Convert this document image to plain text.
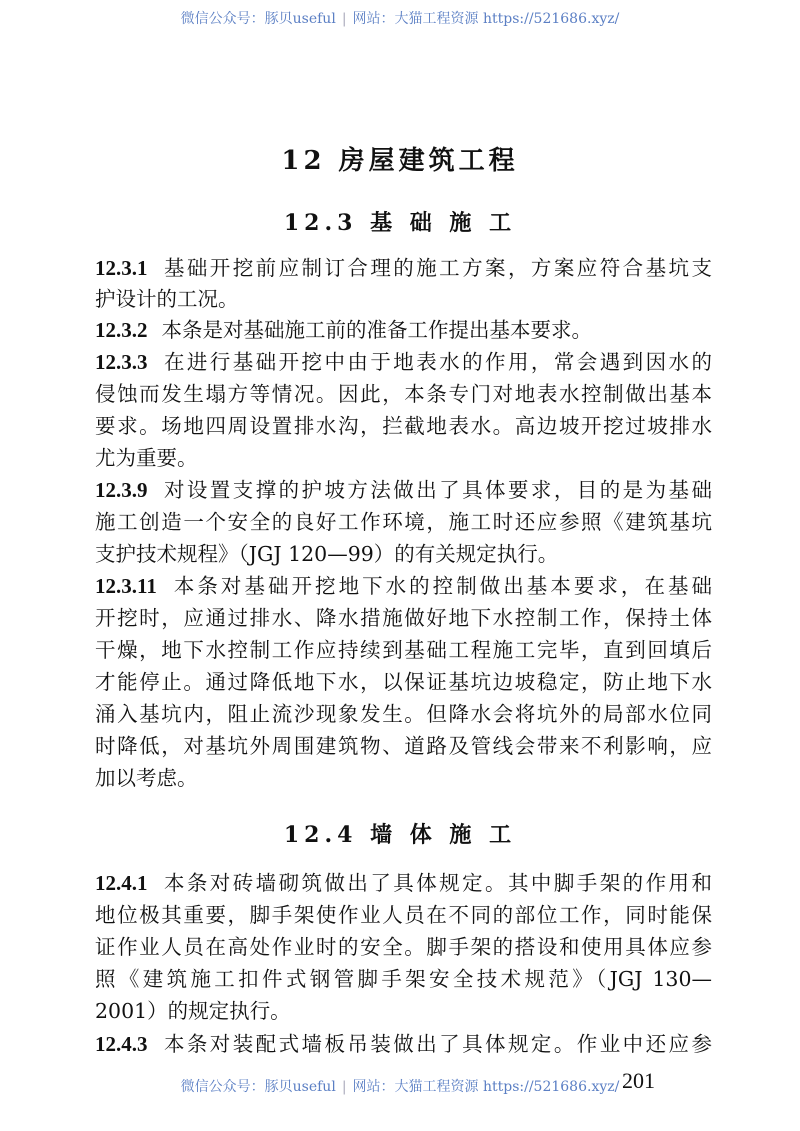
微信公众号：豚贝useful | 网站：大猫工程资源 https://521686.xyz/
12 房屋建筑工程
12.3 基 础 施 工
12.4 墙 体 施 工
12.3.1 基础开挖前应制订合理的施工方案，方案应符合基坑支
护设计的工况。
12.3.2 本条是对基础施工前的准备工作提出基本要求。
12.3.3 在进行基础开挖中由于地表水的作用，常会遇到因水的
侵蚀而发生塌方等情况。因此，本条专门对地表水控制做出基本
要求。场地四周设置排水沟，拦截地表水。高边坡开挖过坡排水
尤为重要。
12.3.9 对设置支撑的护坡方法做出了具体要求，目的是为基础
施工创造一个安全的良好工作环境，施工时还应参照《建筑基坑
支护技术规程》（JGJ 120—99）的有关规定执行。
12.3.11 本条对基础开挖地下水的控制做出基本要求，在基础
开挖时，应通过排水、降水措施做好地下水控制工作，保持土体
干燥，地下水控制工作应持续到基础工程施工完毕，直到回填后
才能停止。通过降低地下水，以保证基坑边坡稳定，防止地下水
涌入基坑内，阻止流沙现象发生。但降水会将坑外的局部水位同
时降低，对基坑外周围建筑物、道路及管线会带来不利影响，应
加以考虑。
12.4.1 本条对砖墙砌筑做出了具体规定。其中脚手架的作用和
地位极其重要，脚手架使作业人员在不同的部位工作，同时能保
证作业人员在高处作业时的安全。脚手架的搭设和使用具体应参
照《建筑施工扣件式钢管脚手架安全技术规范》（JGJ 130—
2001）的规定执行。
12.4.3 本条对装配式墙板吊装做出了具体规定。作业中还应参
201
微信公众号：豚贝useful | 网站：大猫工程资源 https://521686.xyz/
